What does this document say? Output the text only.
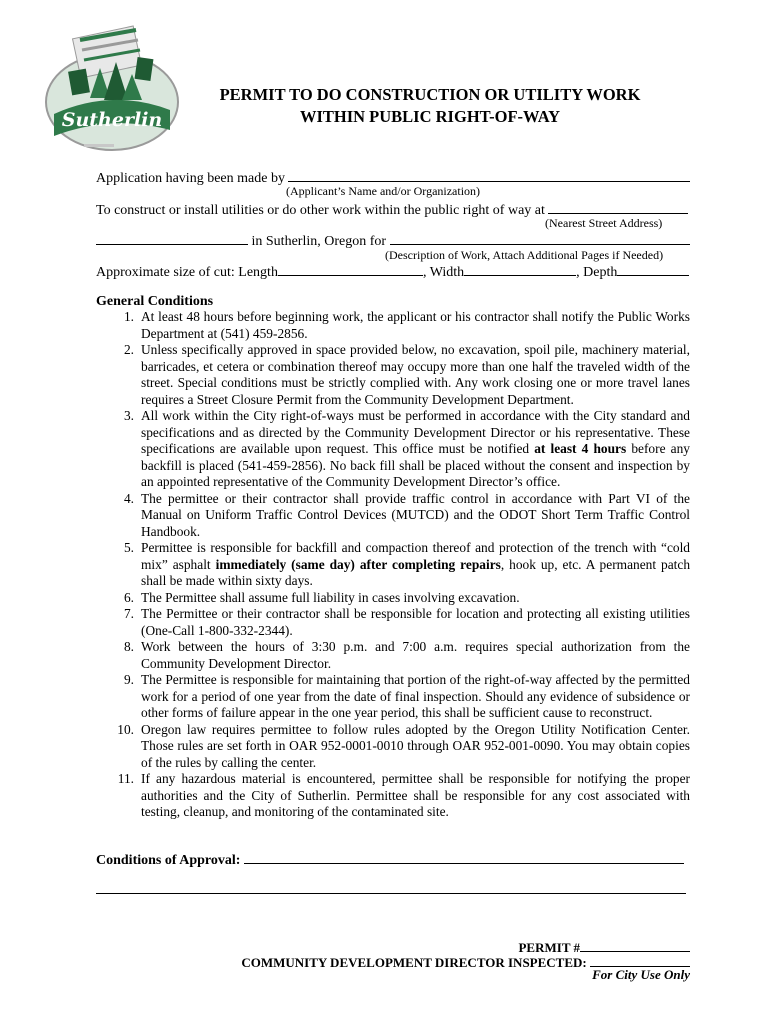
Sutherlin
PERMIT TO DO CONSTRUCTION OR UTILITY WORK
WITHIN PUBLIC RIGHT-OF-WAY
Application having been made by
(Applicant’s Name and/or Organization)
To construct or install utilities or do other work within the public right of way at
(Nearest Street Address)
in Sutherlin, Oregon for
(Description of Work, Attach Additional Pages if Needed)
Approximate size of cut: Length	, Width	, Depth
General Conditions
1. At least 48 hours before beginning work, the applicant or his contractor shall notify the Public Works Department at (541) 459-2856.
2. Unless specifically approved in space provided below, no excavation, spoil pile, machinery material, barricades, et cetera or combination thereof may occupy more than one half the traveled width of the street. Special conditions must be strictly complied with. Any work closing one or more travel lanes requires a Street Closure Permit from the Community Development Department.
3. All work within the City right-of-ways must be performed in accordance with the City standard and specifications and as directed by the Community Development Director or his representative. These specifications are available upon request. This office must be notified at least 4 hours before any backfill is placed (541-459-2856). No back fill shall be placed without the consent and inspection by an appointed representative of the Community Development Director’s office.
4. The permittee or their contractor shall provide traffic control in accordance with Part VI of the Manual on Uniform Traffic Control Devices (MUTCD) and the ODOT Short Term Traffic Control Handbook.
5. Permittee is responsible for backfill and compaction thereof and protection of the trench with “cold mix” asphalt immediately (same day) after completing repairs, hook up, etc. A permanent patch shall be made within sixty days.
6. The Permittee shall assume full liability in cases involving excavation.
7. The Permittee or their contractor shall be responsible for location and protecting all existing utilities (One-Call 1-800-332-2344).
8. Work between the hours of 3:30 p.m. and 7:00 a.m. requires special authorization from the Community Development Director.
9. The Permittee is responsible for maintaining that portion of the right-of-way affected by the permitted work for a period of one year from the date of final inspection. Should any evidence of subsidence or other forms of failure appear in the one year period, this shall be sufficient cause to reconstruct.
10. Oregon law requires permittee to follow rules adopted by the Oregon Utility Notification Center. Those rules are set forth in OAR 952-0001-0010 through OAR 952-001-0090. You may obtain copies of the rules by calling the center.
11. If any hazardous material is encountered, permittee shall be responsible for notifying the proper authorities and the City of Sutherlin. Permittee shall be responsible for any cost associated with testing, cleanup, and monitoring of the contaminated site.
Conditions of Approval:
PERMIT #
COMMUNITY DEVELOPMENT DIRECTOR INSPECTED:
For City Use Only
